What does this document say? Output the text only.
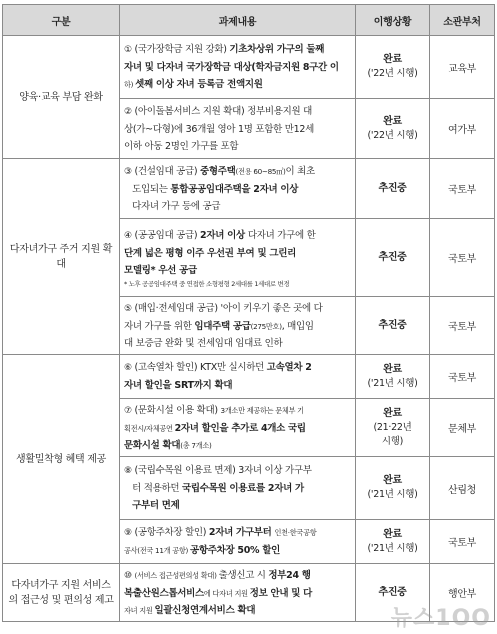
구분	과제내용	이행상황	소관부처
양육·교육 부담 완화	① (국가장학금 지원 강화) 기초차상위 가구의 둘째
자녀 및 다자녀 국가장학금 대상(학자금지원 8구간 이
하) 셋째 이상 자녀 등록금 전액지원	완료
('22년 시행)	교육부

	② (아이돌봄서비스 지원 확대) 정부비용지원 대
상(가~다형)에 36개월 영아 1명 포함한 만12세
이하 아동 2명인 가구를 포함	완료
('22년 시행)	여가부
다자녀가구 주거 지원 확대	③ (건설임대 공급) 중형주택(전용 60~85㎡)이 최초
도입되는 통합공공임대주택을 2자녀 이상
다자녀 가구 등에 공급	추진중	국토부

	④ (공공임대 공급) 2자녀 이상 다자녀 가구에 한
단계 넓은 평형 이주 우선권 부여 및 그린리
모델링* 우선 공급
* 노후 공공임대주택 중 연접한 소형평형 2세대를 1세대로 변경	추진중	국토부

	⑤ (매입·전세임대 공급) '아이 키우기 좋은 곳에 다
자녀 가구를 위한 임대주택 공급(275만호), 매입임
대 보증금 완화 및 전세임대 임대료 인하	추진중	국토부
생활밀착형 혜택 제공	⑥ (고속열차 할인) KTX만 실시하던 고속열차 2
자녀 할인을 SRT까지 확대	완료
('21년 시행)	국토부

	⑦ (문화시설 이용 확대) 3개소만 제공하는 문체부 기
획전시/자체공연 2자녀 할인을 추가로 4개소 국립
문화시설 확대(총 7개소)	완료
(21·22년
시행)	문체부

	⑧ (국립수목원 이용료 면제) 3자녀 이상 가구부
터 적용하던 국립수목원 이용료를 2자녀 가
구부터 면제	완료
('21년 시행)	산림청

	⑨ (공항주차장 할인) 2자녀 가구부터 인천·한국공항
공사(전국 11개 공항) 공항주차장 50% 할인	완료
('21년 시행)	국토부
다자녀가구 지원 서비스의 접근성 및 편의성 제고	⑩ (서비스 접근성편의성 확대) 출생신고 시 정부24 행
복출산원스톱서비스에 다자녀 지원 정보 안내 및 다
자녀 지원 일괄신청연계서비스 확대	추진중	행안부
뉴스1OO
